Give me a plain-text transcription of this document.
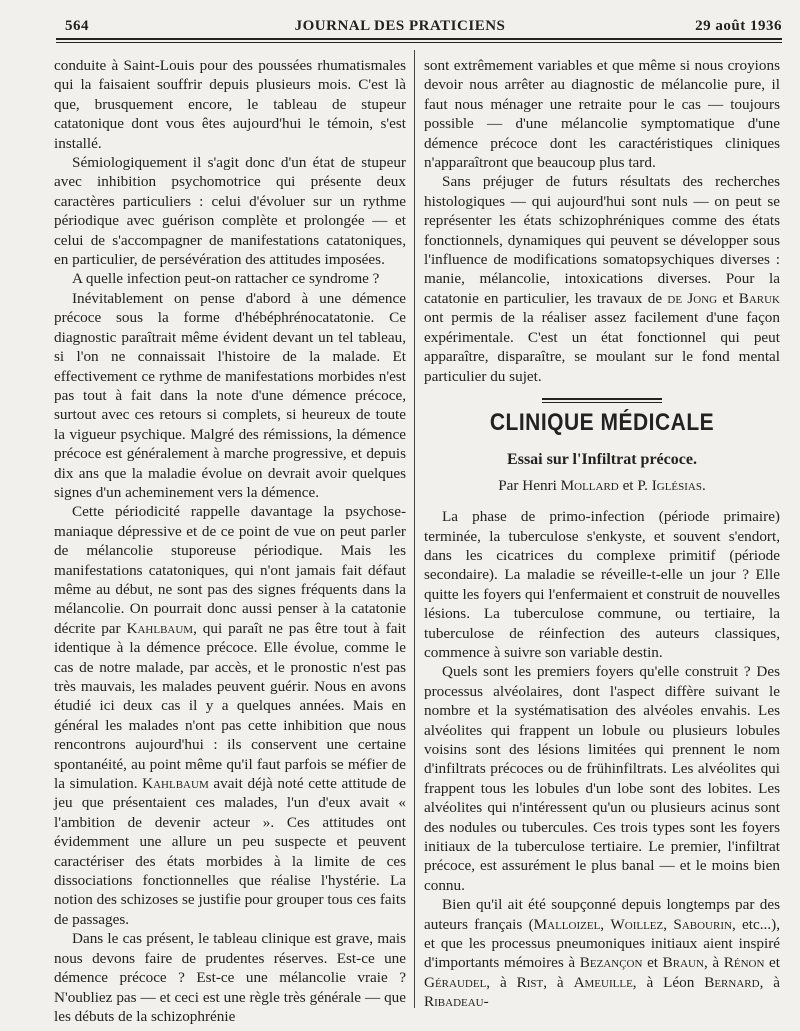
564	JOURNAL DES PRATICIENS	29 août 1936

conduite à Saint-Louis pour des poussées rhumatismales qui la faisaient souffrir depuis plusieurs mois. C'est là que, brusquement encore, le tableau de stupeur catatonique dont vous êtes aujourd'hui le témoin, s'est installé.

Sémiologiquement il s'agit donc d'un état de stupeur avec inhibition psychomotrice qui présente deux caractères particuliers : celui d'évoluer sur un rythme périodique avec guérison complète et prolongée — et celui de s'accompagner de manifestations catatoniques, en particulier, de persévération des attitudes imposées.

A quelle infection peut-on rattacher ce syndrome ?

Inévitablement on pense d'abord à une démence précoce sous la forme d'hébéphrénocatatonie. Ce diagnostic paraîtrait même évident devant un tel tableau, si l'on ne connaissait l'histoire de la malade. Et effectivement ce rythme de manifestations morbides n'est pas tout à fait dans la note d'une démence précoce, surtout avec ces retours si complets, si heureux de toute la vigueur psychique. Malgré des rémissions, la démence précoce est généralement à marche progressive, et depuis dix ans que la maladie évolue on devrait avoir quelques signes d'un acheminement vers la démence.

Cette périodicité rappelle davantage la psychose-maniaque dépressive et de ce point de vue on peut parler de mélancolie stuporeuse périodique. Mais les manifestations catatoniques, qui n'ont jamais fait défaut même au début, ne sont pas des signes fréquents dans la mélancolie. On pourrait donc aussi penser à la catatonie décrite par Kahlbaum, qui paraît ne pas être tout à fait identique à la démence précoce. Elle évolue, comme le cas de notre malade, par accès, et le pronostic n'est pas très mauvais, les malades peuvent guérir. Nous en avons étudié ici deux cas il y a quelques années. Mais en général les malades n'ont pas cette inhibition que nous rencontrons aujourd'hui : ils conservent une certaine spontanéité, au point même qu'il faut parfois se méfier de la simulation. Kahlbaum avait déjà noté cette attitude de jeu que présentaient ces malades, l'un d'eux avait « l'ambition de devenir acteur ». Ces attitudes ont évidemment une allure un peu suspecte et peuvent caractériser des états morbides à la limite de ces dissociations fonctionnelles que réalise l'hystérie. La notion des schizoses se justifie pour grouper tous ces faits de passages.

Dans le cas présent, le tableau clinique est grave, mais nous devons faire de prudentes réserves. Est-ce une démence précoce ? Est-ce une mélancolie vraie ? N'oubliez pas — et ceci est une règle très générale — que les débuts de la schizophrénie

sont extrêmement variables et que même si nous croyions devoir nous arrêter au diagnostic de mélancolie pure, il faut nous ménager une retraite pour le cas — toujours possible — d'une mélancolie symptomatique d'une démence précoce dont les caractéristiques cliniques n'apparaîtront que beaucoup plus tard.

Sans préjuger de futurs résultats des recherches histologiques — qui aujourd'hui sont nuls — on peut se représenter les états schizophréniques comme des états fonctionnels, dynamiques qui peuvent se développer sous l'influence de modifications somatopsychiques diverses : manie, mélancolie, intoxications diverses. Pour la catatonie en particulier, les travaux de de Jong et Baruk ont permis de la réaliser assez facilement d'une façon expérimentale. C'est un état fonctionnel qui peut apparaître, disparaître, se moulant sur le fond mental particulier du sujet.

CLINIQUE MÉDICALE
Essai sur l'Infiltrat précoce.
Par Henri Mollard et P. Iglésias.

La phase de primo-infection (période primaire) terminée, la tuberculose s'enkyste, et souvent s'endort, dans les cicatrices du complexe primitif (période secondaire). La maladie se réveille-t-elle un jour ? Elle quitte les foyers qui l'enfermaient et construit de nouvelles lésions. La tuberculose commune, ou tertiaire, la tuberculose de réinfection des auteurs classiques, commence à suivre son variable destin.

Quels sont les premiers foyers qu'elle construit ? Des processus alvéolaires, dont l'aspect diffère suivant le nombre et la systématisation des alvéoles envahis. Les alvéolites qui frappent un lobule ou plusieurs lobules voisins sont des lésions limitées qui prennent le nom d'infiltrats précoces ou de frühinfiltrats. Les alvéolites qui frappent tous les lobules d'un lobe sont des lobites. Les alvéolites qui n'intéressent qu'un ou plusieurs acinus sont des nodules ou tubercules. Ces trois types sont les foyers initiaux de la tuberculose tertiaire. Le premier, l'infiltrat précoce, est assurément le plus banal — et le moins bien connu.

Bien qu'il ait été soupçonné depuis longtemps par des auteurs français (Malloizel, Woillez, Sabourin, etc...), et que les processus pneumoniques initiaux aient inspiré d'importants mémoires à Bezançon et Braun, à Rénon et Géraudel, à Rist, à Ameuille, à Léon Bernard, à Ribadeau-
